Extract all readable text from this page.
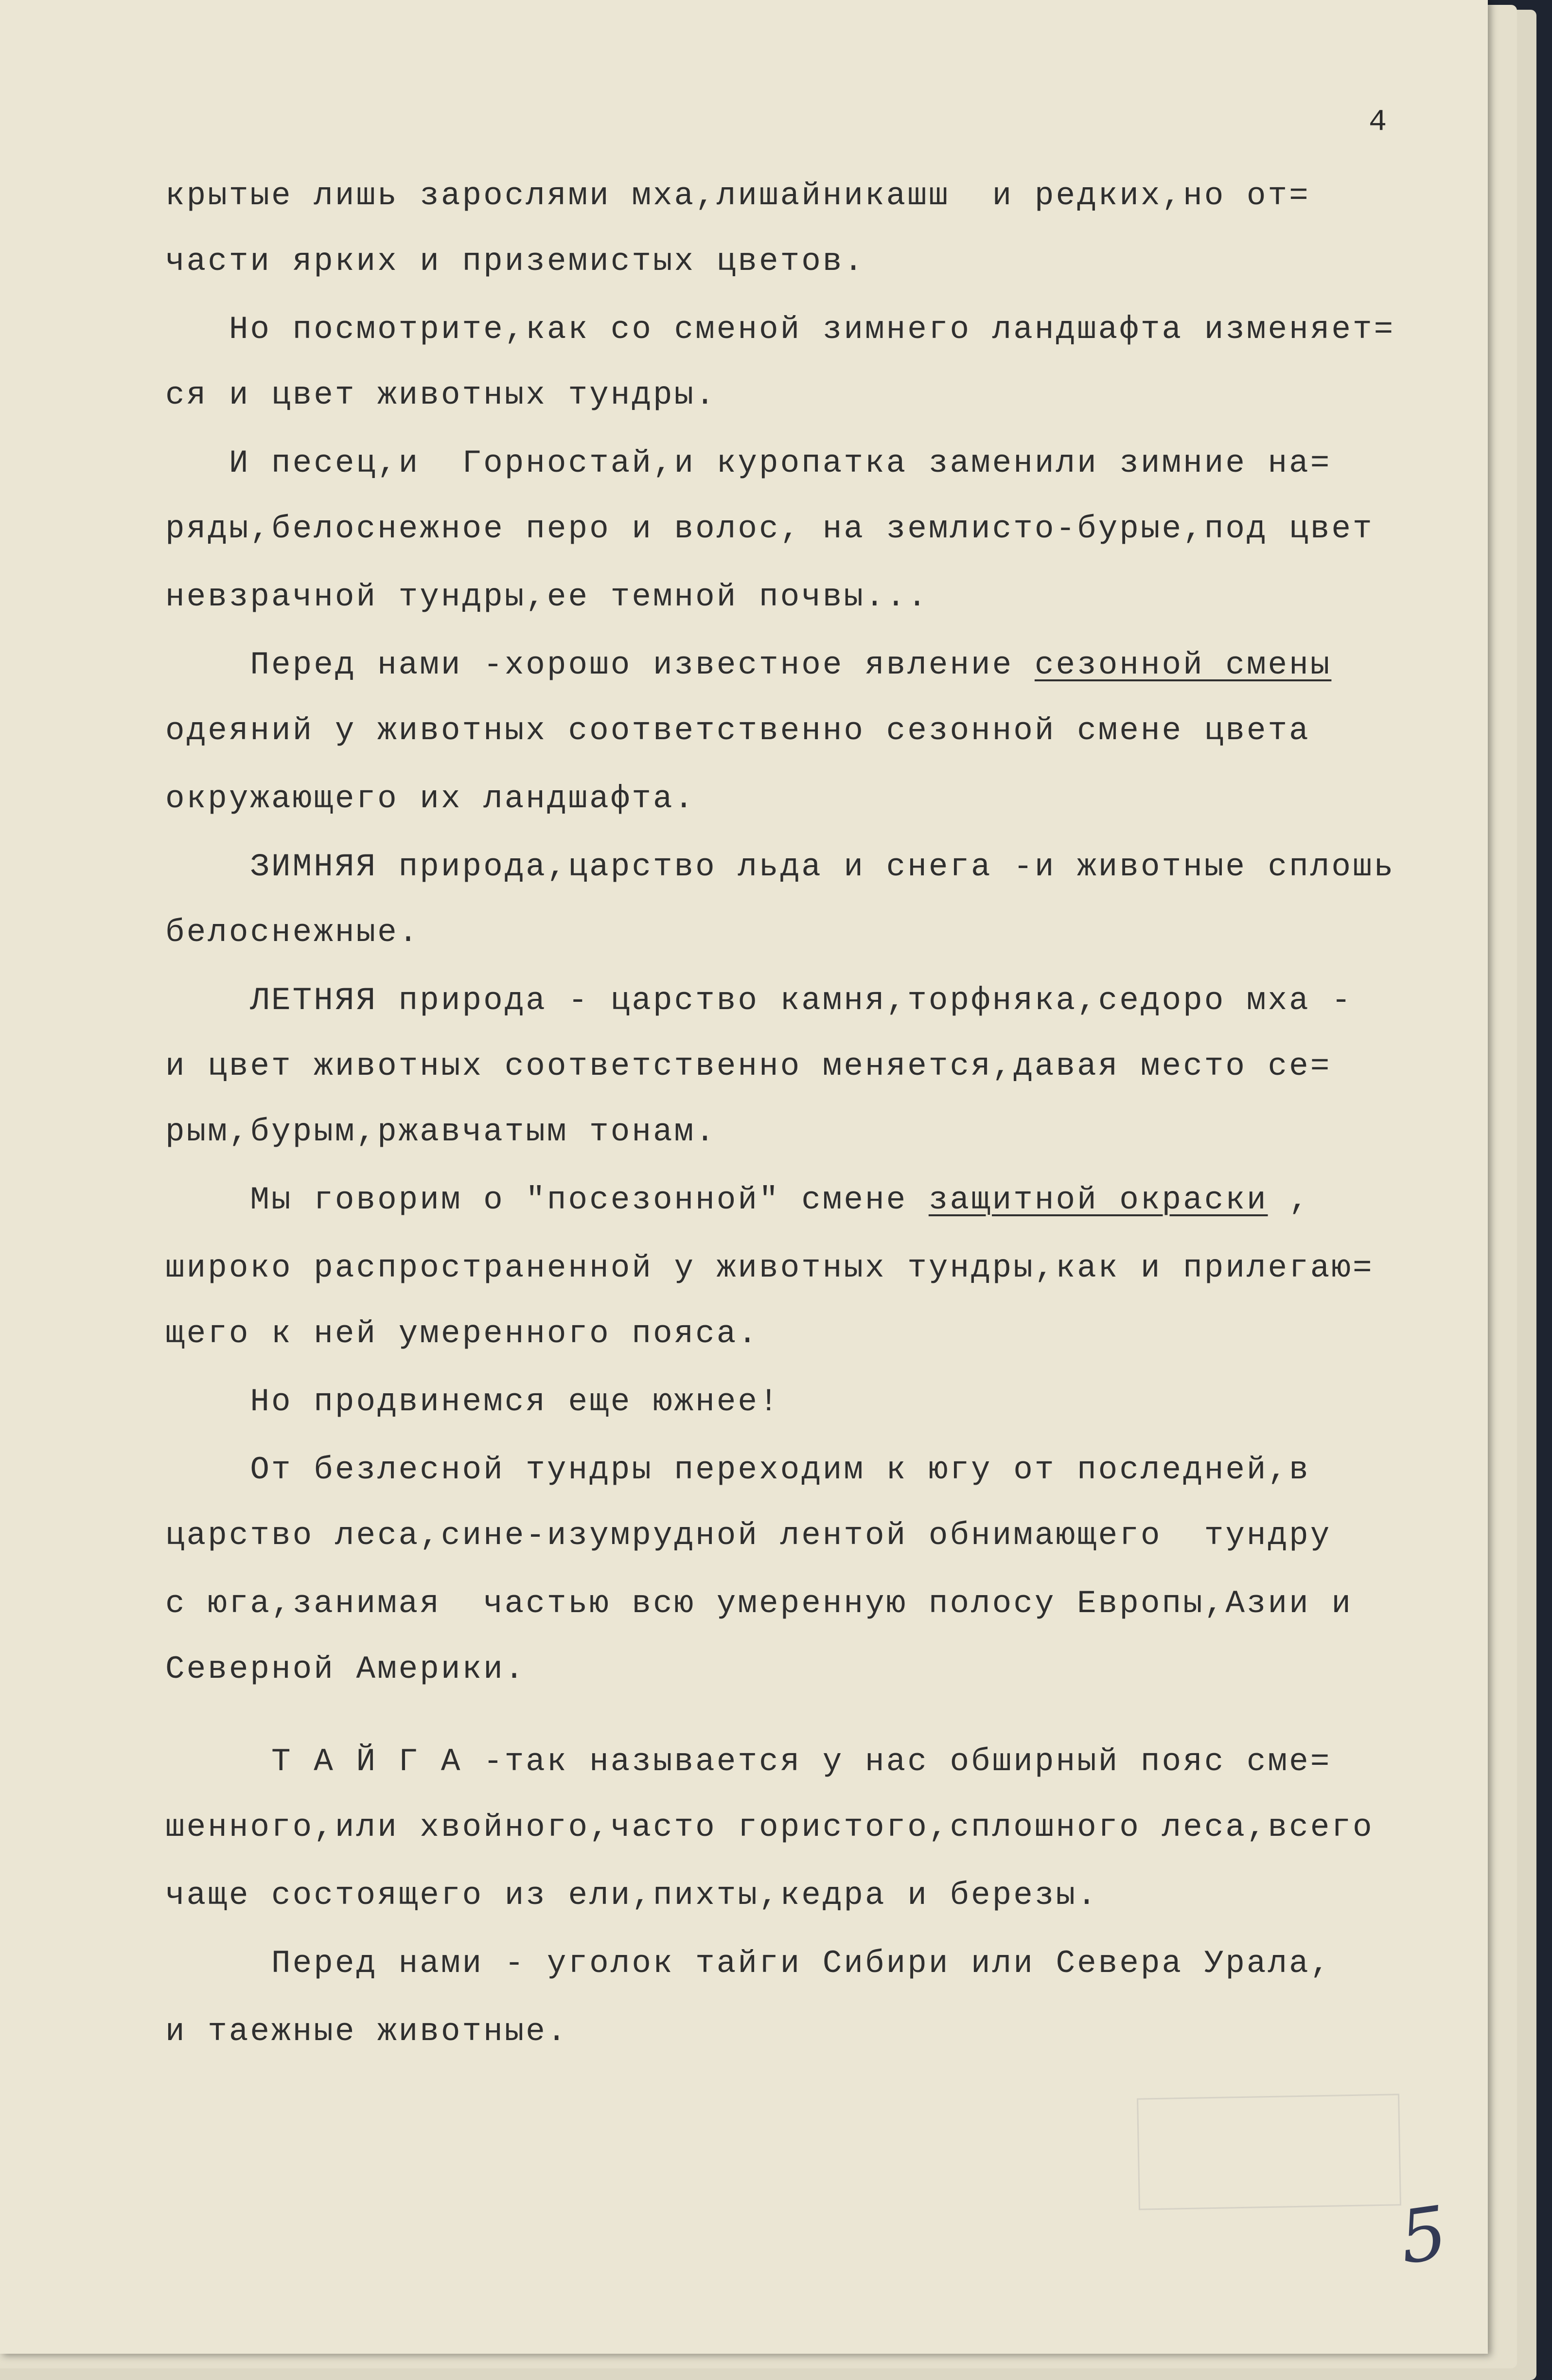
4
крытые лишь зарослями мха,лишайникашш  и редких,но от=
части ярких и приземистых цветов.
Но посмотрите,как со сменой зимнего ландшафта изменяет=
ся и цвет животных тундры.
И песец,и  Горностай,и куропатка заменили зимние на=
ряды,белоснежное перо и волос, на землисто-бурые,под цвет
невзрачной тундры,ее темной почвы...
Перед нами -хорошо известное явление сезонной смены
одеяний у животных соответственно сезонной смене цвета
окружающего их ландшафта.
ЗИМНЯЯ природа,царство льда и снега -и животные сплошь
белоснежные.
ЛЕТНЯЯ природа - царство камня,торфняка,седоро мха -
и цвет животных соответственно меняется,давая место се=
рым,бурым,ржавчатым тонам.
Мы говорим о "посезонной" смене защитной окраски ,
широко распространенной у животных тундры,как и прилегаю=
щего к ней умеренного пояса.
Но продвинемся еще южнее!
От безлесной тундры переходим к югу от последней,в
царство леса,сине-изумрудной лентой обнимающего  тундру
с юга,занимая  частью всю умеренную полосу Европы,Азии и
Северной Америки.
Т А Й Г А -так называется у нас обширный пояс сме=
шенного,или хвойного,часто гористого,сплошного леса,всего
чаще состоящего из ели,пихты,кедра и березы.
Перед нами - уголок тайги Сибири или Севера Урала,
и таежные животные.
5
